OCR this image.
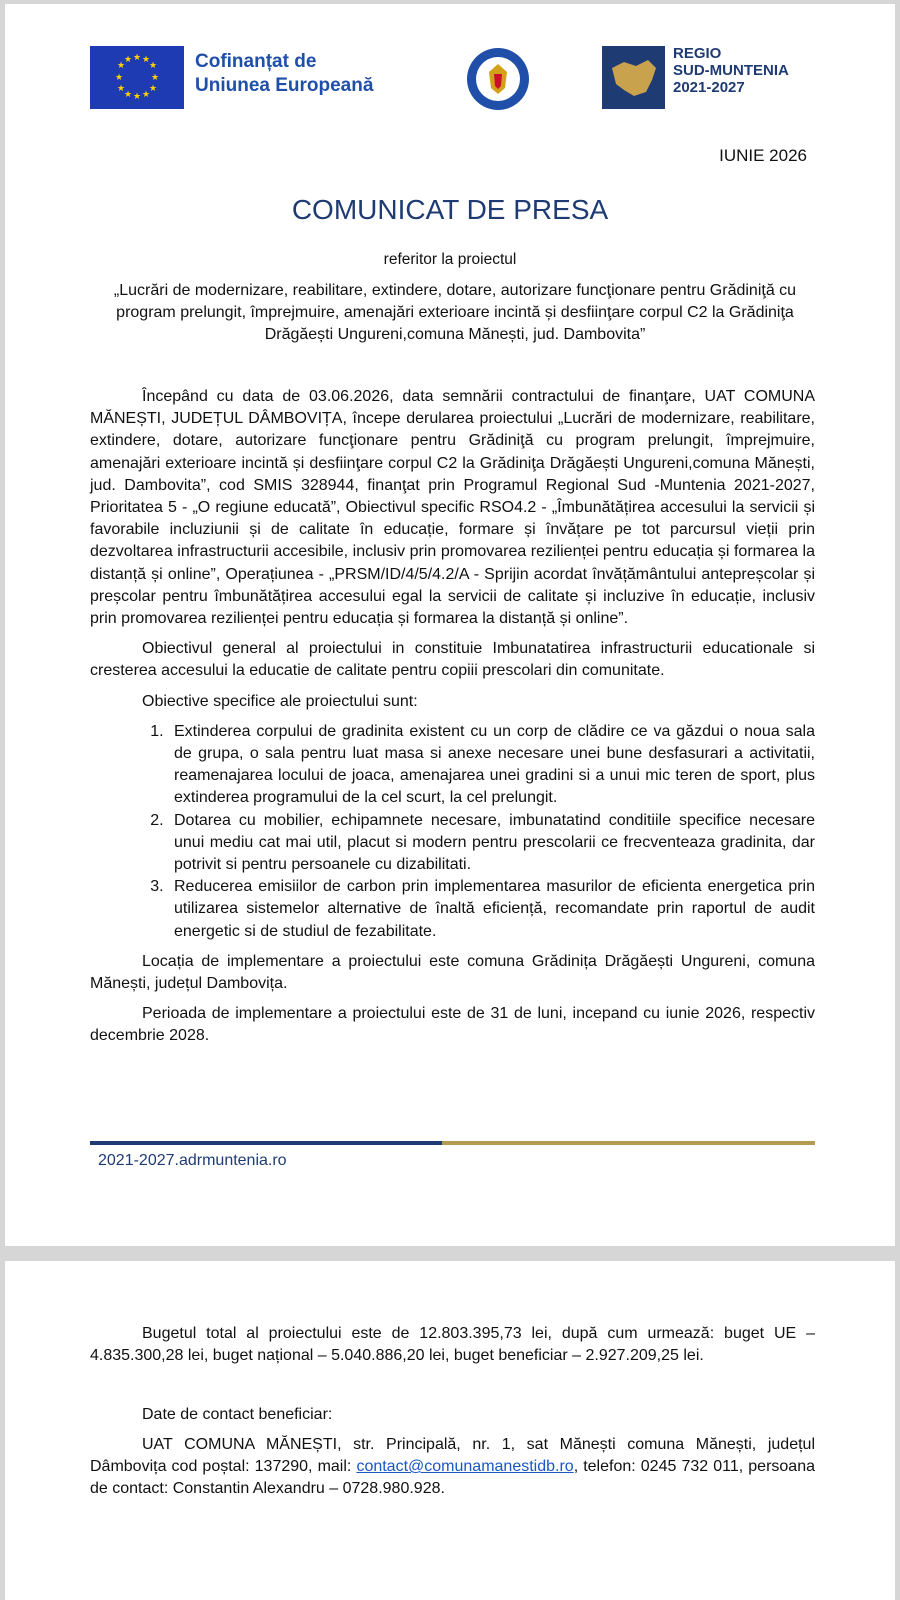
★ ★
★
★
★
★
★
★
★
★
★
★	Cofinanțat de
Uniunea Europeană
REGIO
SUD-MUNTENIA
2021-2027
IUNIE 2026
COMUNICAT DE PRESA
referitor la proiectul
„Lucrări de modernizare, reabilitare, extindere, dotare, autorizare funcţionare pentru Grădiniţă cu program prelungit, împrejmuire, amenajări exterioare incintă și desfiinţare corpul C2 la Grădiniţa Drăgăești Ungureni,comuna Mănești, jud. Dambovita”

Începând cu data de 03.06.2026, data semnării contractului de finanţare, UAT COMUNA MĂNEȘTI, JUDEȚUL DÂMBOVIȚA, începe derularea proiectului „Lucrări de modernizare, reabilitare, extindere, dotare, autorizare funcţionare pentru Grădiniţă cu program prelungit, împrejmuire, amenajări exterioare incintă și desfiinţare corpul C2 la Grădiniţa Drăgăești Ungureni,comuna Mănești, jud. Dambovita”, cod SMIS 328944, finanţat prin Programul Regional Sud -Muntenia 2021-2027, Prioritatea 5 - „O regiune educată”, Obiectivul specific RSO4.2 - „Îmbunătățirea accesului la servicii și favorabile incluziunii și de calitate în educație, formare și învățare pe tot parcursul vieții prin dezvoltarea infrastructurii accesibile, inclusiv prin promovarea rezilienței pentru educația și formarea la distanță și online”, Operațiunea - „PRSM/ID/4/5/4.2/A - Sprijin acordat învățământului antepreșcolar și preșcolar pentru îmbunătățirea accesului egal la servicii de calitate și incluzive în educație, inclusiv prin promovarea rezilienței pentru educația și formarea la distanță și online”.

Obiectivul general al proiectului in constituie Imbunatatirea infrastructurii educationale si cresterea accesului la educatie de calitate pentru copiii prescolari din comunitate.

Obiective specifice ale proiectului sunt:

1. Extinderea corpului de gradinita existent cu un corp de clădire ce va găzdui o noua sala de grupa, o sala pentru luat masa si anexe necesare unei bune desfasurari a activitatii, reamenajarea locului de joaca, amenajarea unei gradini si a unui mic teren de sport, plus extinderea programului de la cel scurt, la cel prelungit.
2. Dotarea cu mobilier, echipamnete necesare, imbunatatind conditiile specifice necesare unui mediu cat mai util, placut si modern pentru prescolarii ce frecventeaza gradinita, dar potrivit si pentru persoanele cu dizabilitati.
3. Reducerea emisiilor de carbon prin implementarea masurilor de eficienta energetica prin utilizarea sistemelor alternative de înaltă eficiență, recomandate prin raportul de audit energetic si de studiul de fezabilitate.

Locația de implementare a proiectului este comuna Grădinița Drăgăești Ungureni, comuna Mănești, județul Dambovița.

Perioada de implementare a proiectului este de 31 de luni, incepand cu iunie 2026, respectiv decembrie 2028.

2021-2027.adrmuntenia.ro

Bugetul total al proiectului este de 12.803.395,73 lei, după cum urmează: buget UE – 4.835.300,28 lei, buget național – 5.040.886,20 lei, buget beneficiar – 2.927.209,25 lei.

Date de contact beneficiar:

UAT COMUNA MĂNEȘTI, str. Principală, nr. 1, sat Mănești comuna Mănești, județul Dâmbovița cod poștal: 137290, mail: contact@comunamanestidb.ro, telefon: 0245 732 011, persoana de contact: Constantin Alexandru – 0728.980.928.
